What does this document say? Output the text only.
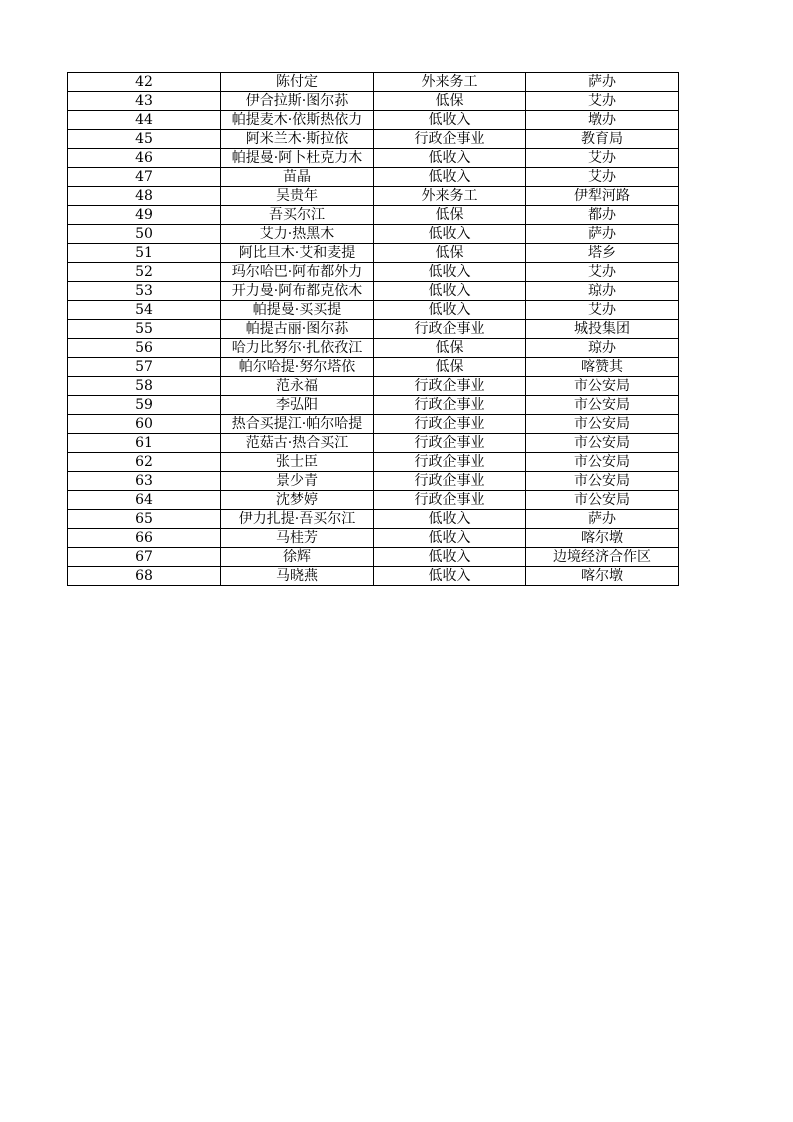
42	陈付定	外来务工	萨办
43	伊合拉斯·图尔荪	低保	艾办
44	帕提麦木·依斯热依力	低收入	墩办
45	阿米兰木·斯拉依	行政企事业	教育局
46	帕提曼·阿卜杜克力木	低收入	艾办
47	苗晶	低收入	艾办
48	吴贵年	外来务工	伊犁河路
49	吾买尔江	低保	都办
50	艾力·热黑木	低收入	萨办
51	阿比旦木·艾和麦提	低保	塔乡
52	玛尔哈巴·阿布都外力	低收入	艾办
53	开力曼·阿布都克依木	低收入	琼办
54	帕提曼·买买提	低收入	艾办
55	帕提古丽·图尔荪	行政企事业	城投集团
56	哈力比努尔·扎依孜江	低保	琼办
57	帕尔哈提·努尔塔依	低保	喀赞其
58	范永福	行政企事业	市公安局
59	李弘阳	行政企事业	市公安局
60	热合买提江·帕尔哈提	行政企事业	市公安局
61	范菇古·热合买江	行政企事业	市公安局
62	张士臣	行政企事业	市公安局
63	景少青	行政企事业	市公安局
64	沈梦婷	行政企事业	市公安局
65	伊力扎提·吾买尔江	低收入	萨办
66	马桂芳	低收入	喀尔墩
67	徐辉	低收入	边境经济合作区
68	马晓燕	低收入	喀尔墩
